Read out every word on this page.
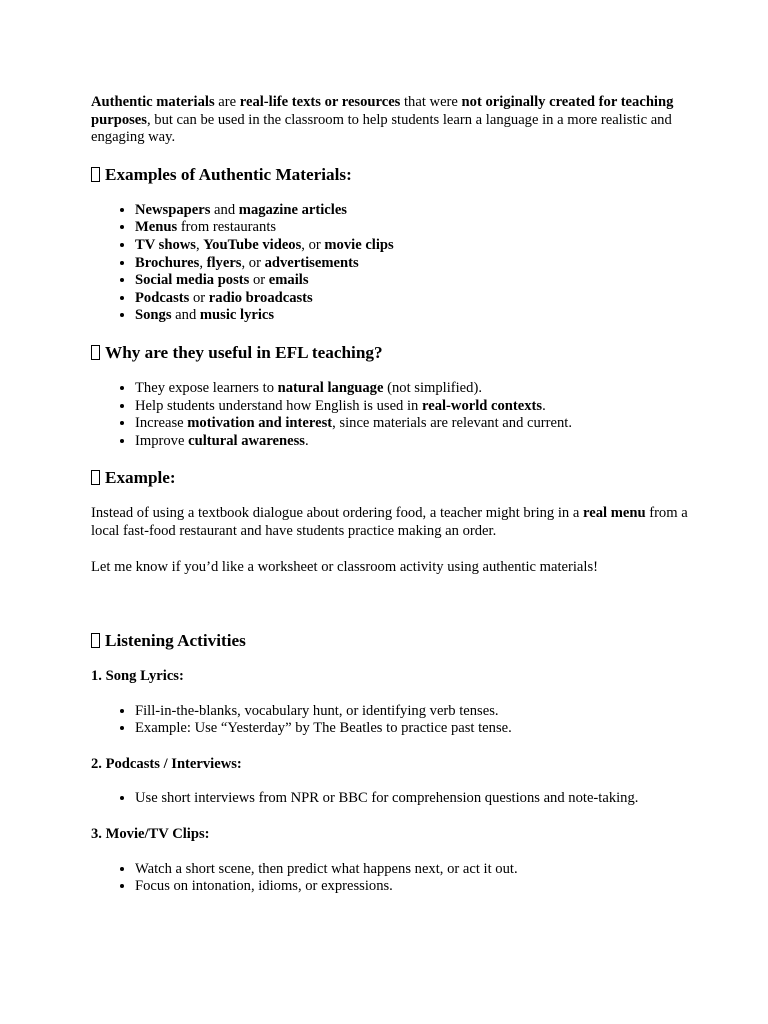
Authentic materials are real-life texts or resources that were not originally created for teaching purposes, but can be used in the classroom to help students learn a language in a more realistic and engaging way.

Examples of Authentic Materials:
• Newspapers and magazine articles
• Menus from restaurants
• TV shows, YouTube videos, or movie clips
• Brochures, flyers, or advertisements
• Social media posts or emails
• Podcasts or radio broadcasts
• Songs and music lyrics
Why are they useful in EFL teaching?
• They expose learners to natural language (not simplified).
• Help students understand how English is used in real-world contexts.
• Increase motivation and interest, since materials are relevant and current.
• Improve cultural awareness.
Example:

Instead of using a textbook dialogue about ordering food, a teacher might bring in a real menu from a local fast-food restaurant and have students practice making an order.

Let me know if you’d like a worksheet or classroom activity using authentic materials!

Listening Activities
1. Song Lyrics:
• Fill-in-the-blanks, vocabulary hunt, or identifying verb tenses.
• Example: Use “Yesterday” by The Beatles to practice past tense.
2. Podcasts / Interviews:
• Use short interviews from NPR or BBC for comprehension questions and note-taking.
3. Movie/TV Clips:
• Watch a short scene, then predict what happens next, or act it out.
• Focus on intonation, idioms, or expressions.
